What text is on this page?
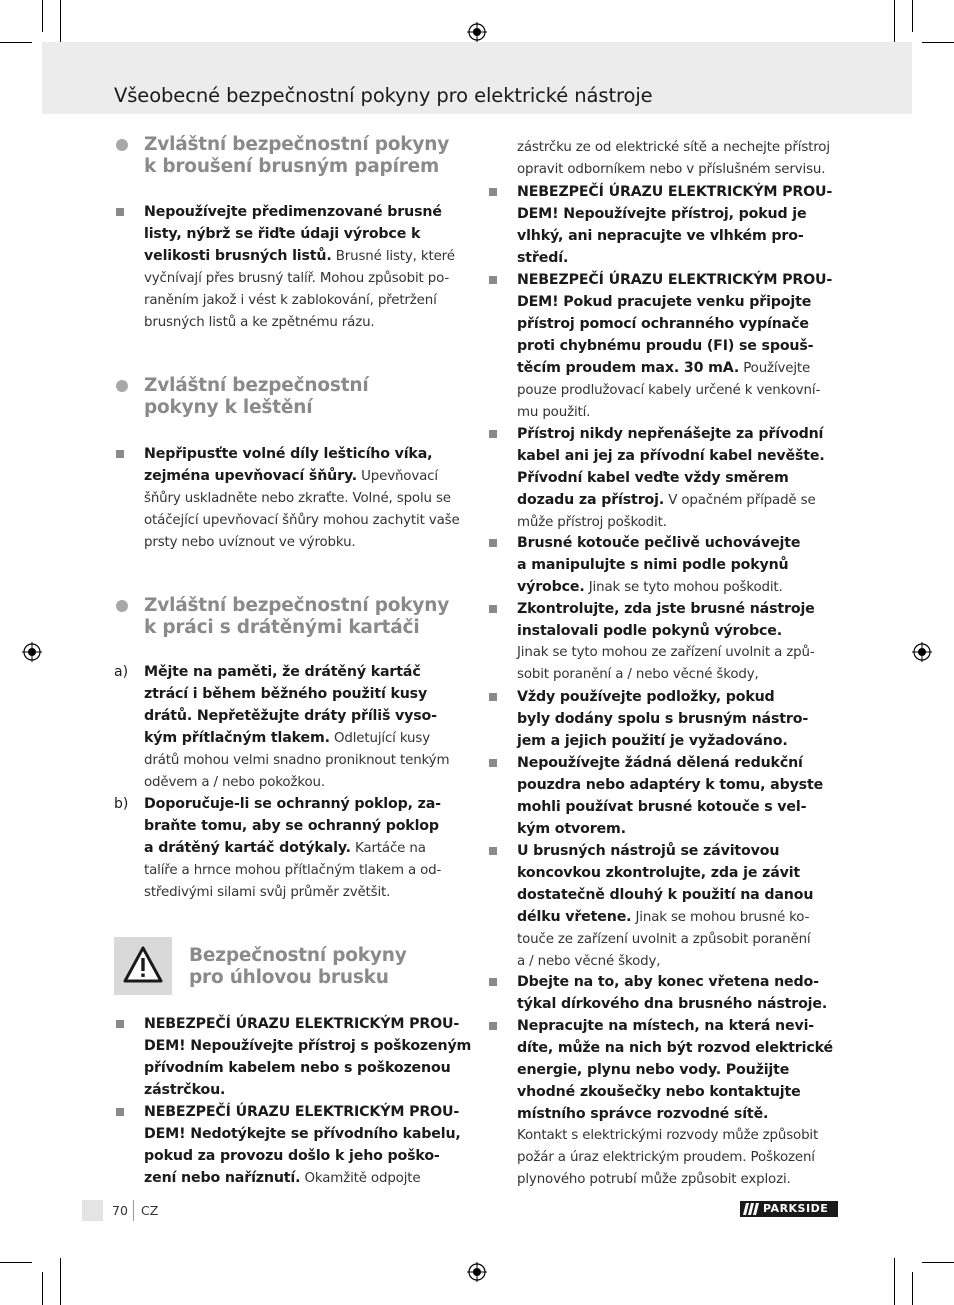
Všeobecné bezpečnostní pokyny pro elektrické nástroje
Zvláštní bezpečnostní pokyny
k broušení brusným papírem
Nepoužívejte předimenzované brusné
listy, nýbrž se řiďte údaji výrobce k
velikosti brusných listů. Brusné listy, které
vyčnívají přes brusný talíř. Mohou způsobit po-
raněním jakož i vést k zablokování, přetržení
brusných listů a ke zpětnému rázu.
Zvláštní bezpečnostní
pokyny k leštění
Nepřipusťte volné díly lešticího víka,
zejména upevňovací šňůry. Upevňovací
šňůry uskladněte nebo zkraťte. Volné, spolu se
otáčející upevňovací šňůry mohou zachytit vaše
prsty nebo uvíznout ve výrobku.
Zvláštní bezpečnostní pokyny
k práci s drátěnými kartáči
a) Mějte na paměti, že drátěný kartáč
ztrácí i během běžného použití kusy
drátů. Nepřetěžujte dráty příliš vyso-
kým přítlačným tlakem. Odletující kusy
drátů mohou velmi snadno proniknout tenkým
oděvem a / nebo pokožkou.
b) Doporučuje-li se ochranný poklop, za-
braňte tomu, aby se ochranný poklop
a drátěný kartáč dotýkaly. Kartáče na
talíře a hrnce mohou přítlačným tlakem a od-
středivými silami svůj průměr zvětšit.
Bezpečnostní pokyny
pro úhlovou brusku
NEBEZPEČÍ ÚRAZU ELEKTRICKÝM PROU-
DEM! Nepoužívejte přístroj s poškozeným
přívodním kabelem nebo s poškozenou
zástrčkou.
NEBEZPEČÍ ÚRAZU ELEKTRICKÝM PROU-
DEM! Nedotýkejte se přívodního kabelu,
pokud za provozu došlo k jeho poško-
zení nebo naříznutí. Okamžitě odpojte
zástrčku ze od elektrické sítě a nechejte přístroj
opravit odborníkem nebo v příslušném servisu.
NEBEZPEČÍ ÚRAZU ELEKTRICKÝM PROU-
DEM! Nepoužívejte přístroj, pokud je
vlhký, ani nepracujte ve vlhkém pro-
středí.
NEBEZPEČÍ ÚRAZU ELEKTRICKÝM PROU-
DEM! Pokud pracujete venku připojte
přístroj pomocí ochranného vypínače
proti chybnému proudu (FI) se spouš-
těcím proudem max. 30 mA. Používejte
pouze prodlužovací kabely určené k venkovní-
mu použití.
Přístroj nikdy nepřenášejte za přívodní
kabel ani jej za přívodní kabel nevěšte.
Přívodní kabel veďte vždy směrem
dozadu za přístroj. V opačném případě se
může přístroj poškodit.
Brusné kotouče pečlivě uchovávejte
a manipulujte s nimi podle pokynů
výrobce. Jinak se tyto mohou poškodit.
Zkontrolujte, zda jste brusné nástroje
instalovali podle pokynů výrobce.
Jinak se tyto mohou ze zařízení uvolnit a způ-
sobit poranění a / nebo věcné škody,
Vždy používejte podložky, pokud
byly dodány spolu s brusným nástro-
jem a jejich použití je vyžadováno.
Nepoužívejte žádná dělená redukční
pouzdra nebo adaptéry k tomu, abyste
mohli používat brusné kotouče s vel-
kým otvorem.
U brusných nástrojů se závitovou
koncovkou zkontrolujte, zda je závit
dostatečně dlouhý k použití na danou
délku vřetene. Jinak se mohou brusné ko-
touče ze zařízení uvolnit a způsobit poranění
a / nebo věcné škody,
Dbejte na to, aby konec vřetena nedo-
týkal dírkového dna brusného nástroje.
Nepracujte na místech, na která nevi-
díte, může na nich být rozvod elektrické
energie, plynu nebo vody. Použijte
vhodné zkoušečky nebo kontaktujte
místního správce rozvodné sítě.
Kontakt s elektrickými rozvody může způsobit
požár a úraz elektrickým proudem. Poškození
plynového potrubí může způsobit explozi.
70 CZ	PARKSIDE
